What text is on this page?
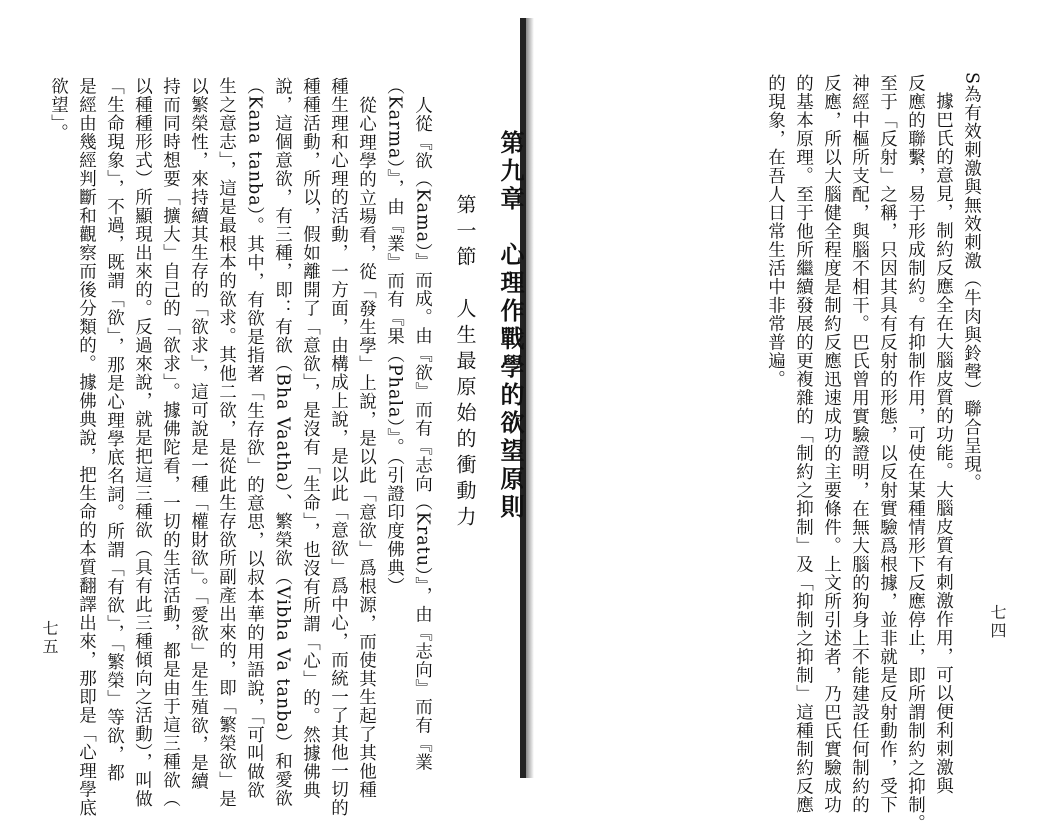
S為有效刺激與無效刺激（牛肉與鈴聲）聯合呈現。
據巴氏的意見，制約反應全在大腦皮質的功能。大腦皮質有刺激作用，可以便利刺激與
反應的聯繫，易于形成制約。有抑制作用，可使在某種情形下反應停止，即所謂制約之抑制。
至于「反射」之稱，只因其具有反射的形態，以反射實驗爲根據，並非就是反射動作，受下
神經中樞所支配，與腦不相干。巴氏曾用實驗證明，在無大腦的狗身上不能建設任何制約的
反應，所以大腦健全程度是制約反應迅速成功的主要條件。上文所引述者，乃巴氏實驗成功
的基本原理。至于他所繼續發展的更複雜的「制約之抑制」及「抑制之抑制」這種制約反應
的現象，在吾人日常生活中非常普遍。
七四
第九章　心理作戰學的欲望原則
第一節　人生最原始的衝動力
人從『欲（Kama）』而成。由『欲』而有『志向（Kratu）』，由『志向』而有『業
（Karma）』，由『業』而有『果（Phala）』。（引證印度佛典）
從心理學的立場看，從「發生學」上說，是以此「意欲」爲根源，而使其生起了其他種
種生理和心理的活動，一方面，由構成上說，是以此「意欲」爲中心，而統一了其他一切的
種種活動，所以，假如離開了「意欲」，是沒有「生命」，也沒有所謂「心」的。然據佛典
說，這個意欲，有三種，即：有欲（Bha Vaatha）、繁榮欲（Vibha Va tanba）和愛欲
（Kana tanba）。其中，有欲是指著「生存欲」的意思，以叔本華的用語說，「可叫做欲
生之意志」，這是最根本的欲求。其他二欲，是從此生存欲所副產出來的，即「繁榮欲」是
以繁榮性，來持續其生存的「欲求」，這可說是一種「權財欲」。「愛欲」是生殖欲，是續
持而同時想要「擴大」自己的「欲求」。據佛陀看，一切的生活活動，都是由于這三種欲（
以種種形式）所顯現出來的。反過來說，就是把這三種欲（具有此三種傾向之活動），叫做
「生命現象」，不過，既謂「欲」，那是心理學底名詞。所謂「有欲」，「繁榮」等欲，都
是經由幾經判斷和觀察而後分類的。據佛典說，把生命的本質翻譯出來，那即是「心理學底
欲望」。
七五
